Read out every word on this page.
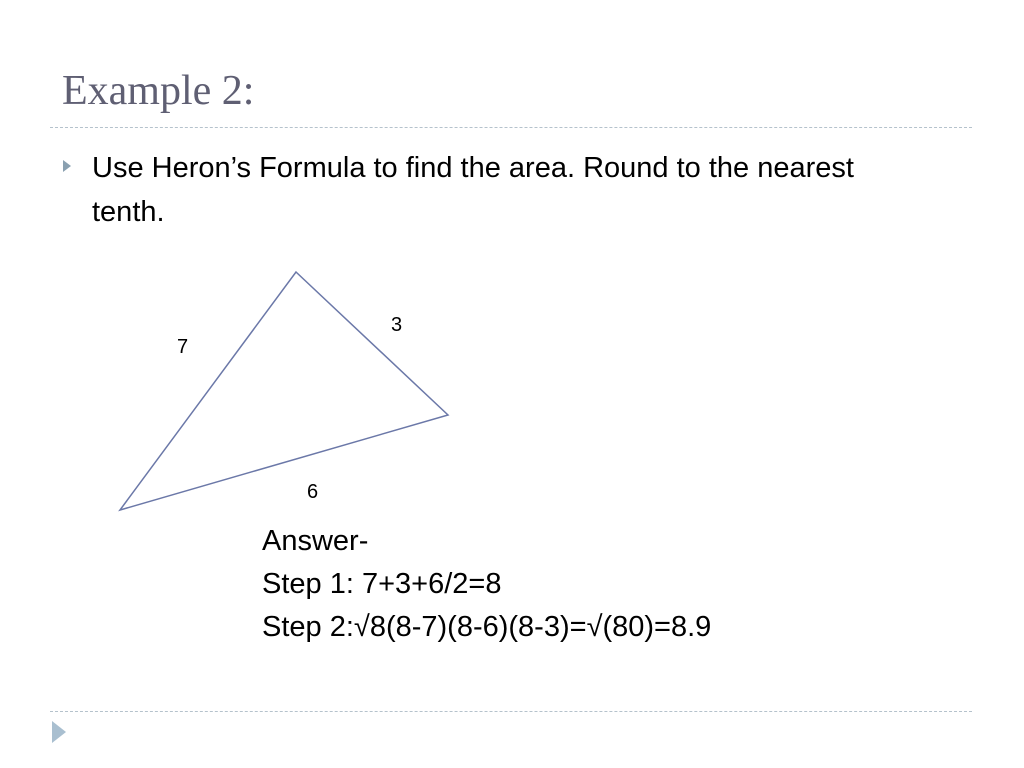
Example 2:

Use Heron’s Formula to find the area. Round to the nearest tenth.

7
3
6
Answer-
Step 1: 7+3+6/2=8
Step 2:√8(8-7)(8-6)(8-3)=√(80)=8.9
